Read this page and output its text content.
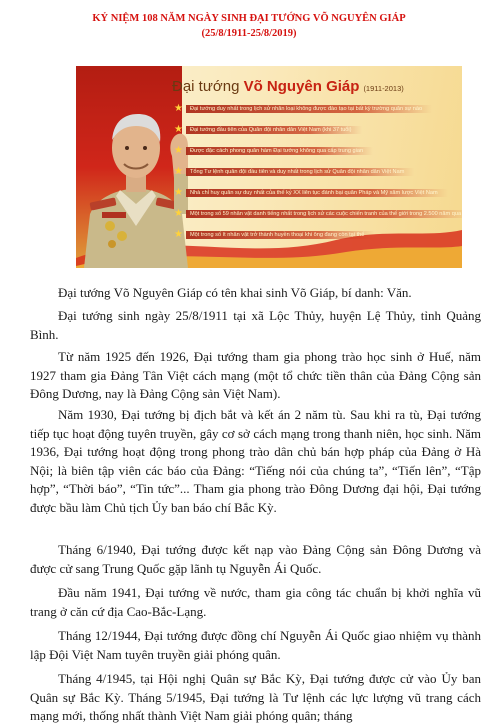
KỶ NIỆM 108 NĂM NGÀY SINH ĐẠI TƯỚNG VÕ NGUYÊN GIÁP
(25/8/1911-25/8/2019)
Đại tướng Võ Nguyên Giáp (1911-2013)
★	Đại tướng duy nhất trong lịch sử nhân loại không được đào tạo tại bất kỳ trường quân sự nào
★	Đại tướng đầu tiên của Quân đội nhân dân Việt Nam (khi 37 tuổi)
★	Được đặc cách phong quân hàm Đại tướng không qua cấp trung gian
★	Tổng Tư lệnh quân đội đầu tiên và duy nhất trong lịch sử Quân đội nhân dân Việt Nam
★	Nhà chỉ huy quân sự duy nhất của thế kỷ XX liên tục đánh bại quân Pháp và Mỹ xâm lược Việt Nam
★	Một trong số 59 nhân vật danh tiếng nhất trong lịch sử các cuộc chiến tranh của thế giới trong 2.500 năm qua
★	Một trong số ít nhân vật trở thành huyền thoại khi ông đang còn tại thế

Đại tướng Võ Nguyên Giáp có tên khai sinh Võ Giáp, bí danh: Văn.

Đại tướng sinh ngày 25/8/1911 tại xã Lộc Thủy, huyện Lệ Thủy, tỉnh Quảng Bình.

Từ năm 1925 đến 1926, Đại tướng tham gia phong trào học sinh ở Huế, năm 1927 tham gia Đảng Tân Việt cách mạng (một tổ chức tiền thân của Đảng Cộng sản Đông Dương, nay là Đảng Cộng sản Việt Nam).

Năm 1930, Đại tướng bị địch bắt và kết án 2 năm tù. Sau khi ra tù, Đại tướng tiếp tục hoạt động tuyên truyền, gây cơ sở cách mạng trong thanh niên, học sinh. Năm 1936, Đại tướng hoạt động trong phong trào dân chủ bán hợp pháp của Đảng ở Hà Nội; là biên tập viên các báo của Đảng: “Tiếng nói của chúng ta”, “Tiến lên”, “Tập hợp”, “Thời báo”, “Tin tức”... Tham gia phong trào Đông Dương đại hội, Đại tướng được bầu làm Chủ tịch Ủy ban báo chí Bắc Kỳ.

Tháng 6/1940, Đại tướng được kết nạp vào Đảng Cộng sản Đông Dương và được cử sang Trung Quốc gặp lãnh tụ Nguyễn Ái Quốc.

Đầu năm 1941, Đại tướng về nước, tham gia công tác chuẩn bị khởi nghĩa vũ trang ở căn cứ địa Cao-Bắc-Lạng.

Tháng 12/1944, Đại tướng được đồng chí Nguyễn Ái Quốc giao nhiệm vụ thành lập Đội Việt Nam tuyên truyền giải phóng quân.

Tháng 4/1945, tại Hội nghị Quân sự Bắc Kỳ, Đại tướng được cử vào Ủy ban Quân sự Bắc Kỳ. Tháng 5/1945, Đại tướng là Tư lệnh các lực lượng vũ trang cách mạng mới, thống nhất thành Việt Nam giải phóng quân; tháng
